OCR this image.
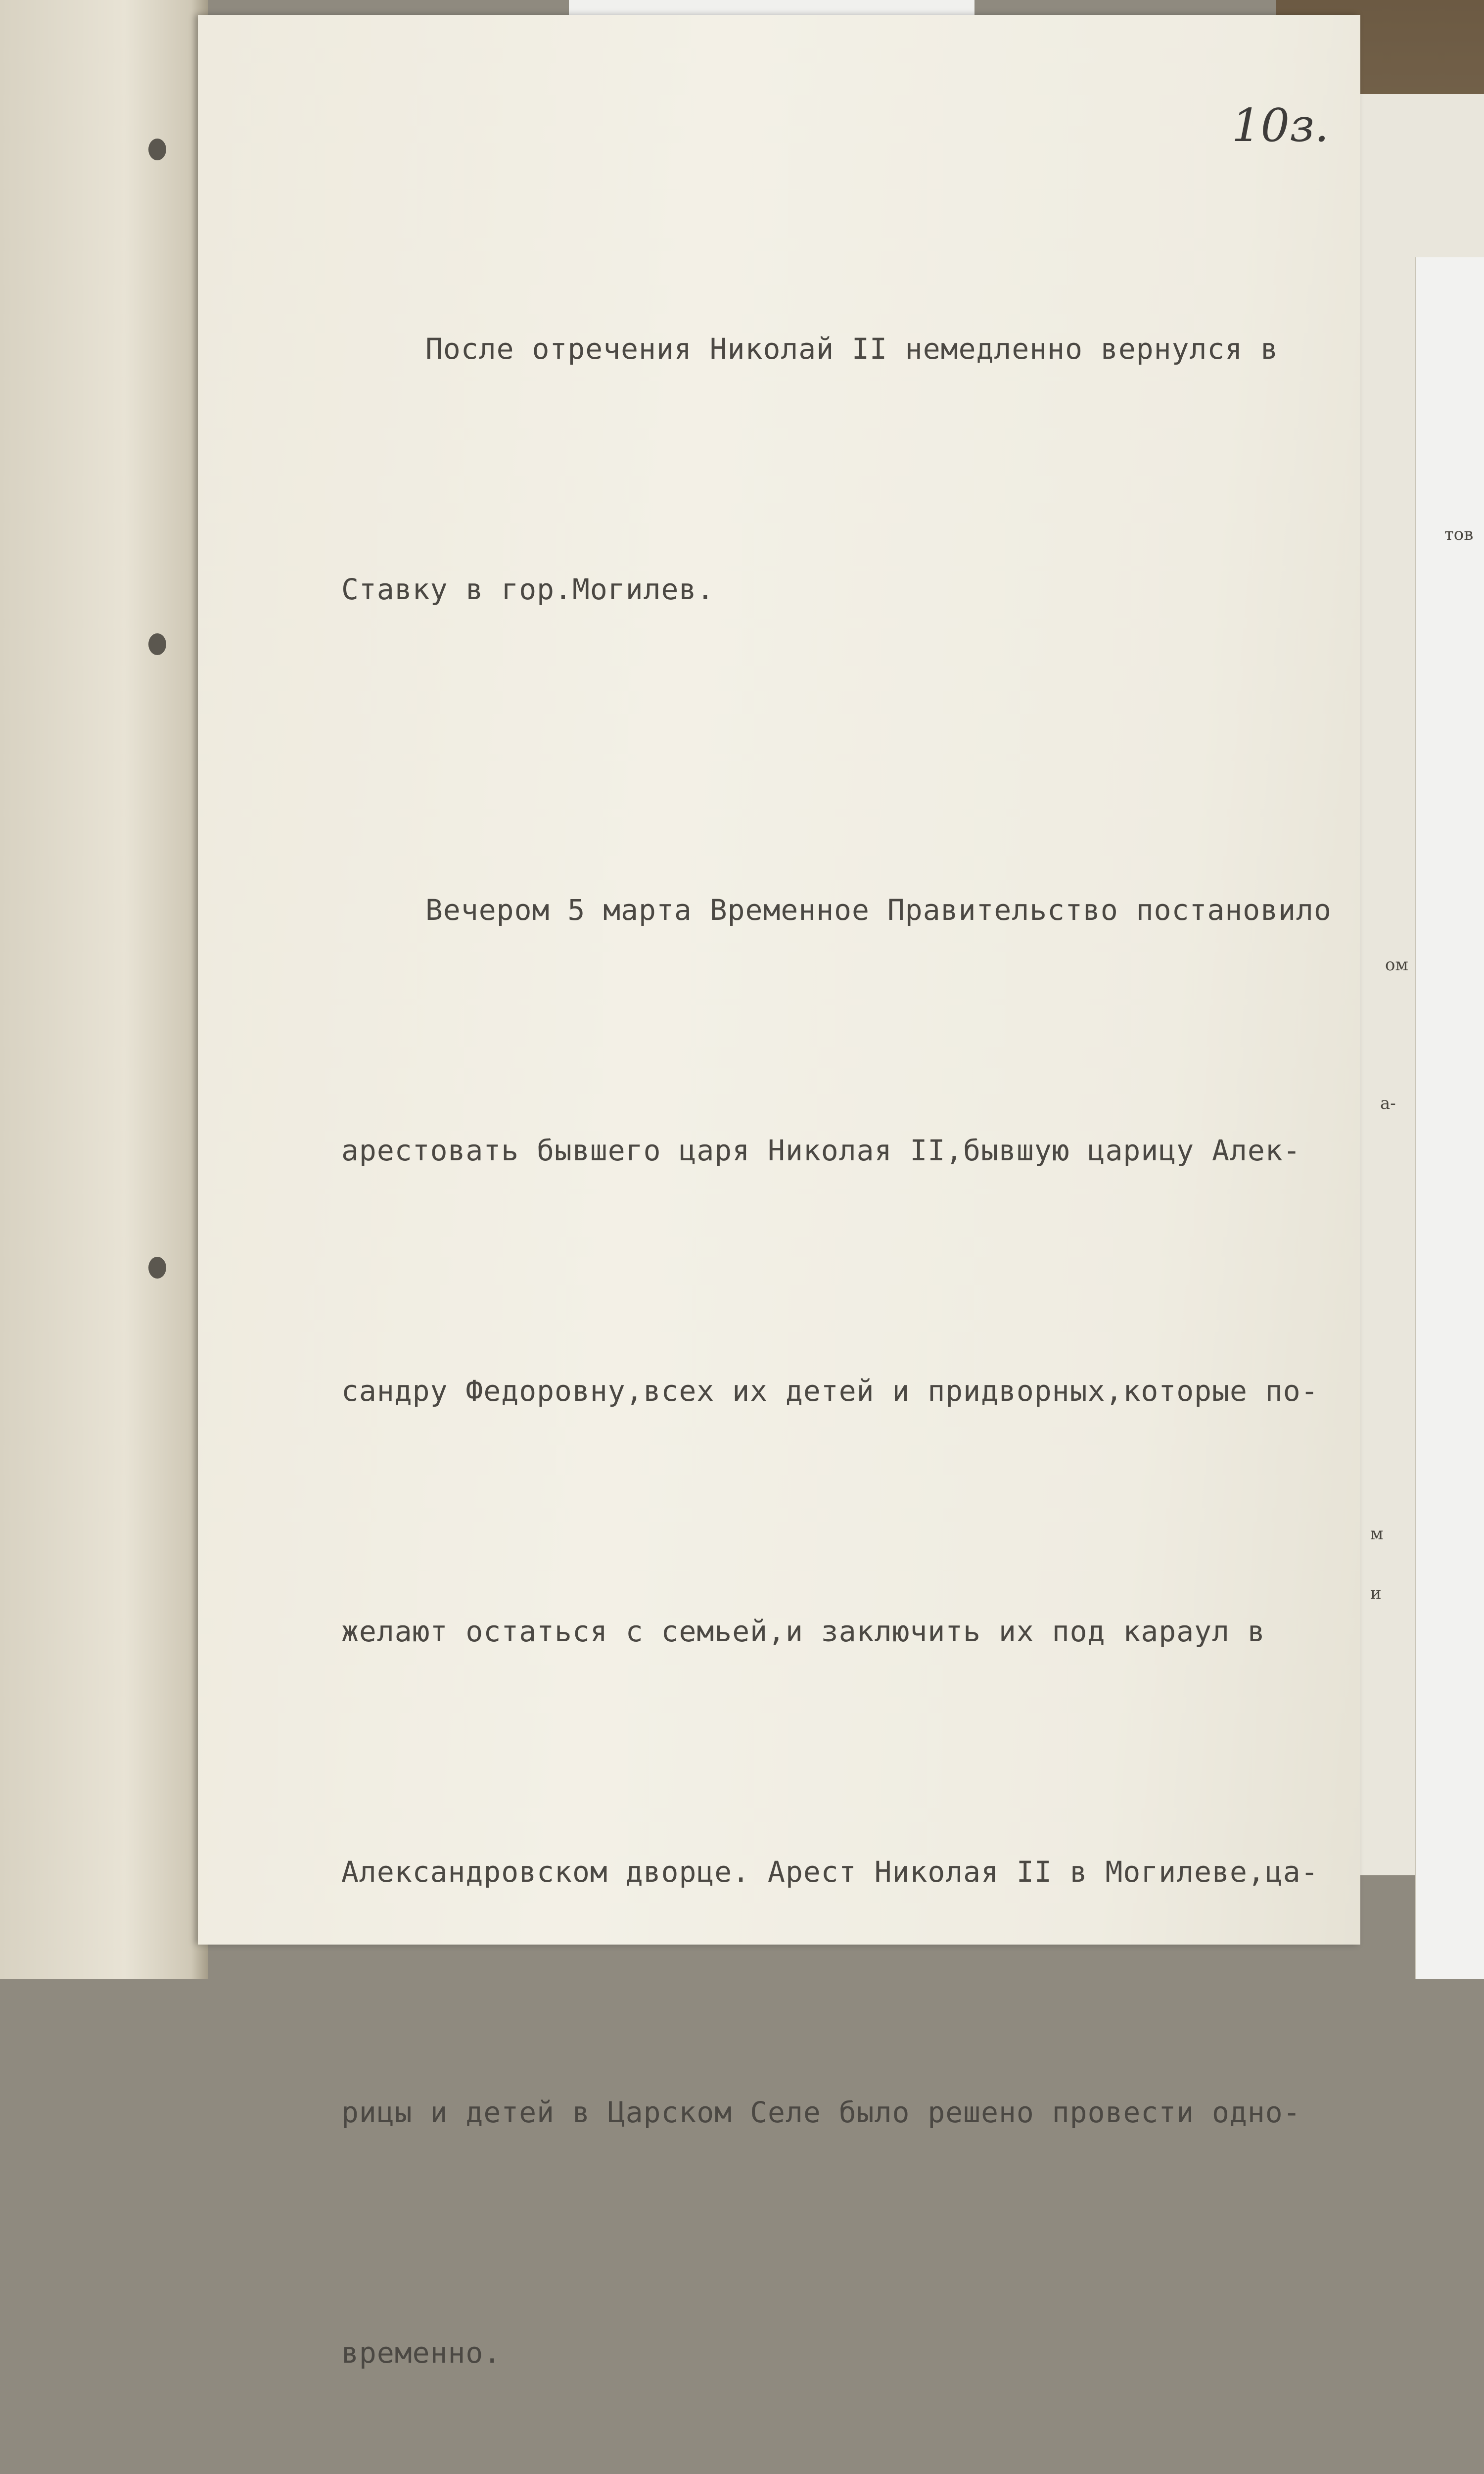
тов
ом
а-
м
и
10з.

После отречения Николай II немедленно вернулся в

Ставку в гор.Могилев.

Вечером 5 марта Временное Правительство постановило

арестовать бывшего царя Николая II,бывшую царицу Алек-

сандру Федоровну,всех их детей и придворных,которые по-

желают остаться с семьей,и заключить их под караул в

Александровском дворце. Арест Николая II в Могилеве,ца-

рицы и детей в Царском Селе было решено провести одно-

временно.
